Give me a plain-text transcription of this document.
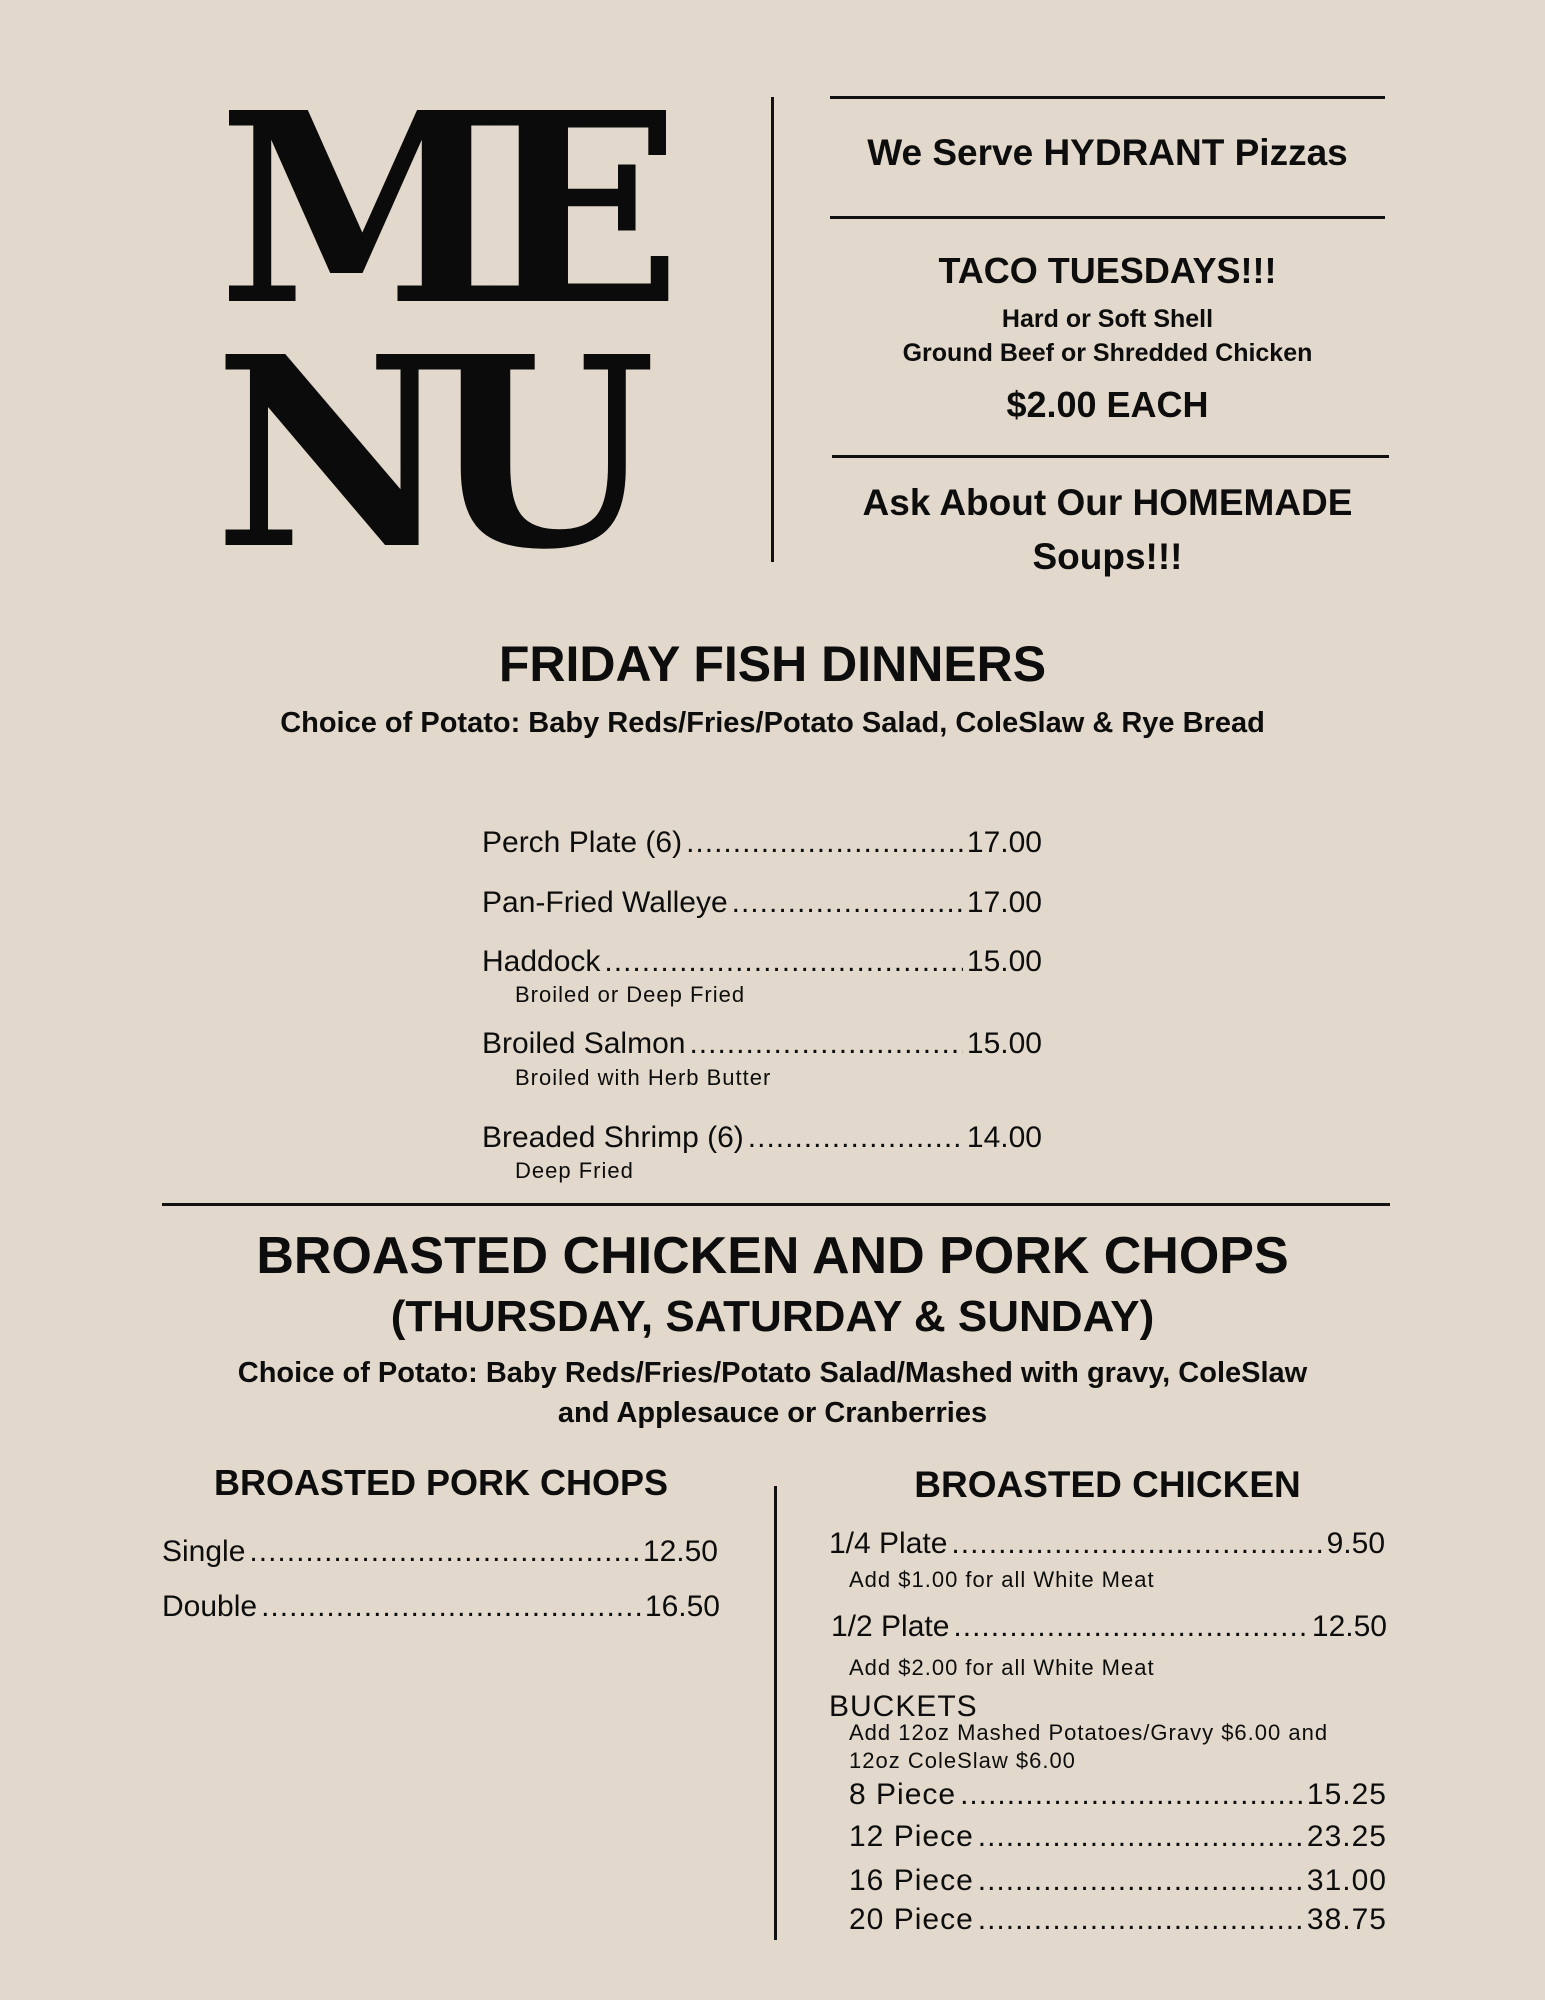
ME
NU
We Serve HYDRANT Pizzas
TACO TUESDAYS!!!
Hard or Soft Shell
Ground Beef or Shredded Chicken
$2.00 EACH
Ask About Our HOMEMADE
Soups!!!
FRIDAY FISH DINNERS
Choice of Potato: Baby Reds/Fries/Potato Salad, ColeSlaw & Rye Bread
Perch Plate (6) .....	17.00
Pan-Fried Walleye .....	17.00
Haddock .....	15.00
Broiled or Deep Fried
Broiled Salmon .....	15.00
Broiled with Herb Butter
Breaded Shrimp (6) .....	14.00
Deep Fried
BROASTED CHICKEN AND PORK CHOPS
(THURSDAY, SATURDAY & SUNDAY)
Choice of Potato: Baby Reds/Fries/Potato Salad/Mashed with gravy, ColeSlaw
and Applesauce or Cranberries
BROASTED PORK CHOPS
Single .....	12.50
Double .....	16.50
BROASTED CHICKEN
1/4 Plate .....	9.50
Add $1.00 for all White Meat
1/2 Plate .....	12.50
Add $2.00 for all White Meat
BUCKETS
Add 12oz Mashed Potatoes/Gravy $6.00 and
12oz ColeSlaw $6.00
8 Piece .....	15.25
12 Piece .....	23.25
16 Piece .....	31.00
20 Piece .....	38.75
